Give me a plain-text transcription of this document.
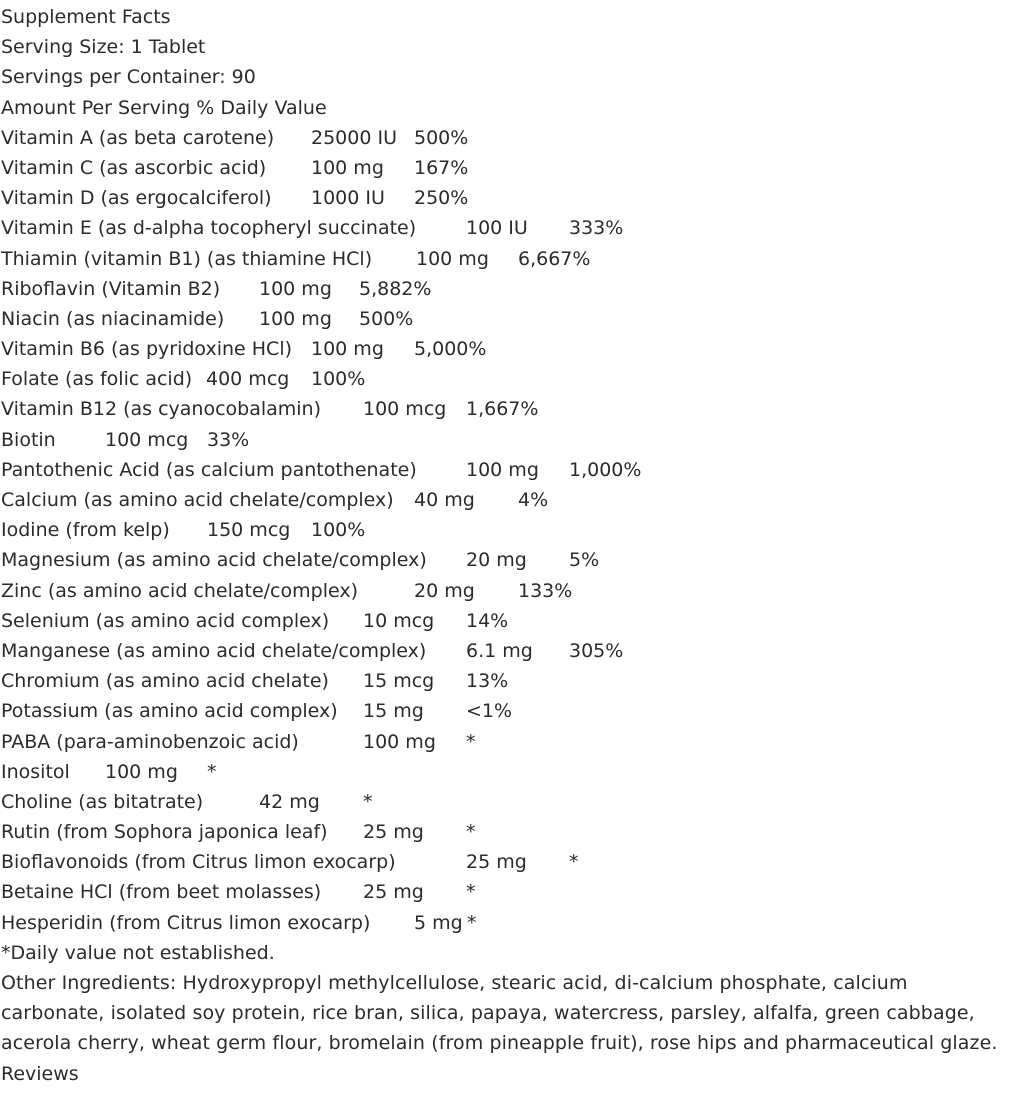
Supplement Facts
Serving Size: 1 Tablet
Servings per Container: 90
Amount Per Serving % Daily Value
Vitamin A (as beta carotene) 25000 IU 500%
Vitamin C (as ascorbic acid) 100 mg 167%
Vitamin D (as ergocalciferol) 1000 IU 250%
Vitamin E (as d-alpha tocopheryl succinate)	100 IU 333%
Thiamin (vitamin B1) (as thiamine HCl) 100 mg 6,667%
Riboflavin (Vitamin B2) 100 mg 5,882%
Niacin (as niacinamide) 100 mg 500%
Vitamin B6 (as pyridoxine HCl) 100 mg 5,000%
Folate (as folic acid) 400 mcg 100%
Vitamin B12 (as cyanocobalamin) 100 mcg 1,667%
Biotin	100 mcg 33%
Pantothenic Acid (as calcium pantothenate)	100 mg 1,000%
Calcium (as amino acid chelate/complex) 40 mg 4%
Iodine (from kelp) 150 mcg 100%
Magnesium (as amino acid chelate/complex) 20 mg 5%
Zinc (as amino acid chelate/complex)	20 mg 133%
Selenium (as amino acid complex) 10 mcg 14%
Manganese (as amino acid chelate/complex) 6.1 mg 305%
Chromium (as amino acid chelate) 15 mcg 13%
Potassium (as amino acid complex) 15 mg <1%
PABA (para-aminobenzoic acid)	100 mg *
Inositol 100 mg *
Choline (as bitatrate)	42 mg *
Rutin (from Sophora japonica leaf) 25 mg *
Bioflavonoids (from Citrus limon exocarp)	25 mg *
Betaine HCl (from beet molasses) 25 mg *
Hesperidin (from Citrus limon exocarp) 5 mg *
*Daily value not established.
Other Ingredients: Hydroxypropyl methylcellulose, stearic acid, di-calcium phosphate, calcium carbonate, isolated soy protein, rice bran, silica, papaya, watercress, parsley, alfalfa, green cabbage, acerola cherry, wheat germ flour, bromelain (from pineapple fruit), rose hips and pharmaceutical glaze.
Reviews
